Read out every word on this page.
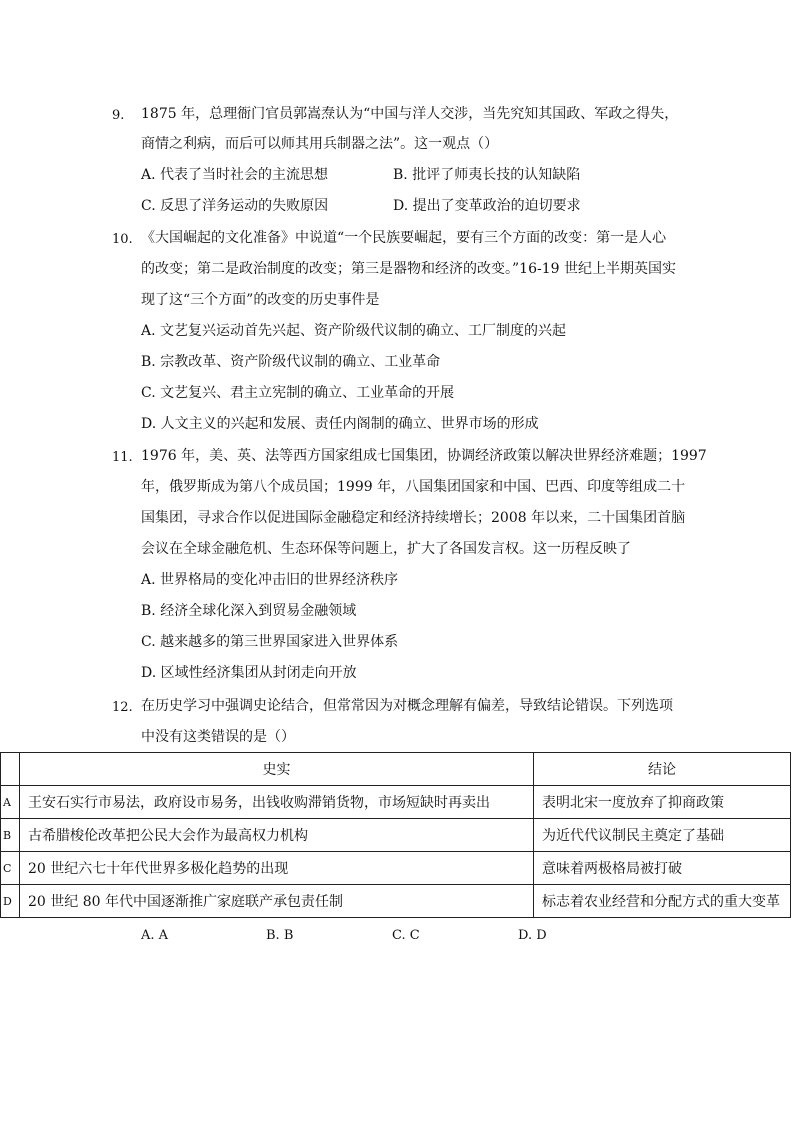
9. 1875 年，总理衙门官员郭嵩焘认为“中国与洋人交涉，当先究知其国政、军政之得失，
商情之利病，而后可以师其用兵制器之法”。这一观点（）
A. 代表了当时社会的主流思想	B. 批评了师夷长技的认知缺陷
C. 反思了洋务运动的失败原因	D. 提出了变革政治的迫切要求
10. 《大国崛起的文化准备》中说道“一个民族要崛起，要有三个方面的改变：第一是人心
的改变；第二是政治制度的改变；第三是器物和经济的改变。”16-19 世纪上半期英国实
现了这“三个方面”的改变的历史事件是
A. 文艺复兴运动首先兴起、资产阶级代议制的确立、工厂制度的兴起
B. 宗教改革、资产阶级代议制的确立、工业革命
C. 文艺复兴、君主立宪制的确立、工业革命的开展
D. 人文主义的兴起和发展、责任内阁制的确立、世界市场的形成
11. 1976 年，美、英、法等西方国家组成七国集团，协调经济政策以解决世界经济难题；1997
年，俄罗斯成为第八个成员国；1999 年，八国集团国家和中国、巴西、印度等组成二十
国集团，寻求合作以促进国际金融稳定和经济持续增长；2008 年以来，二十国集团首脑
会议在全球金融危机、生态环保等问题上，扩大了各国发言权。这一历程反映了
A. 世界格局的变化冲击旧的世界经济秩序
B. 经济全球化深入到贸易金融领域
C. 越来越多的第三世界国家进入世界体系
D. 区域性经济集团从封闭走向开放
12. 在历史学习中强调史论结合，但常常因为对概念理解有偏差，导致结论错误。下列选项
中没有这类错误的是（）
	史实	结论
A	王安石实行市易法，政府设市易务，出钱收购滞销货物，市场短缺时再卖出	表明北宋一度放弃了抑商政策
B	古希腊梭伦改革把公民大会作为最高权力机构	为近代代议制民主奠定了基础
C	20 世纪六七十年代世界多极化趋势的出现	意味着两极格局被打破
D	20 世纪 80 年代中国逐渐推广家庭联产承包责任制	标志着农业经营和分配方式的重大变革
A. A	B. B	C. C	D. D
